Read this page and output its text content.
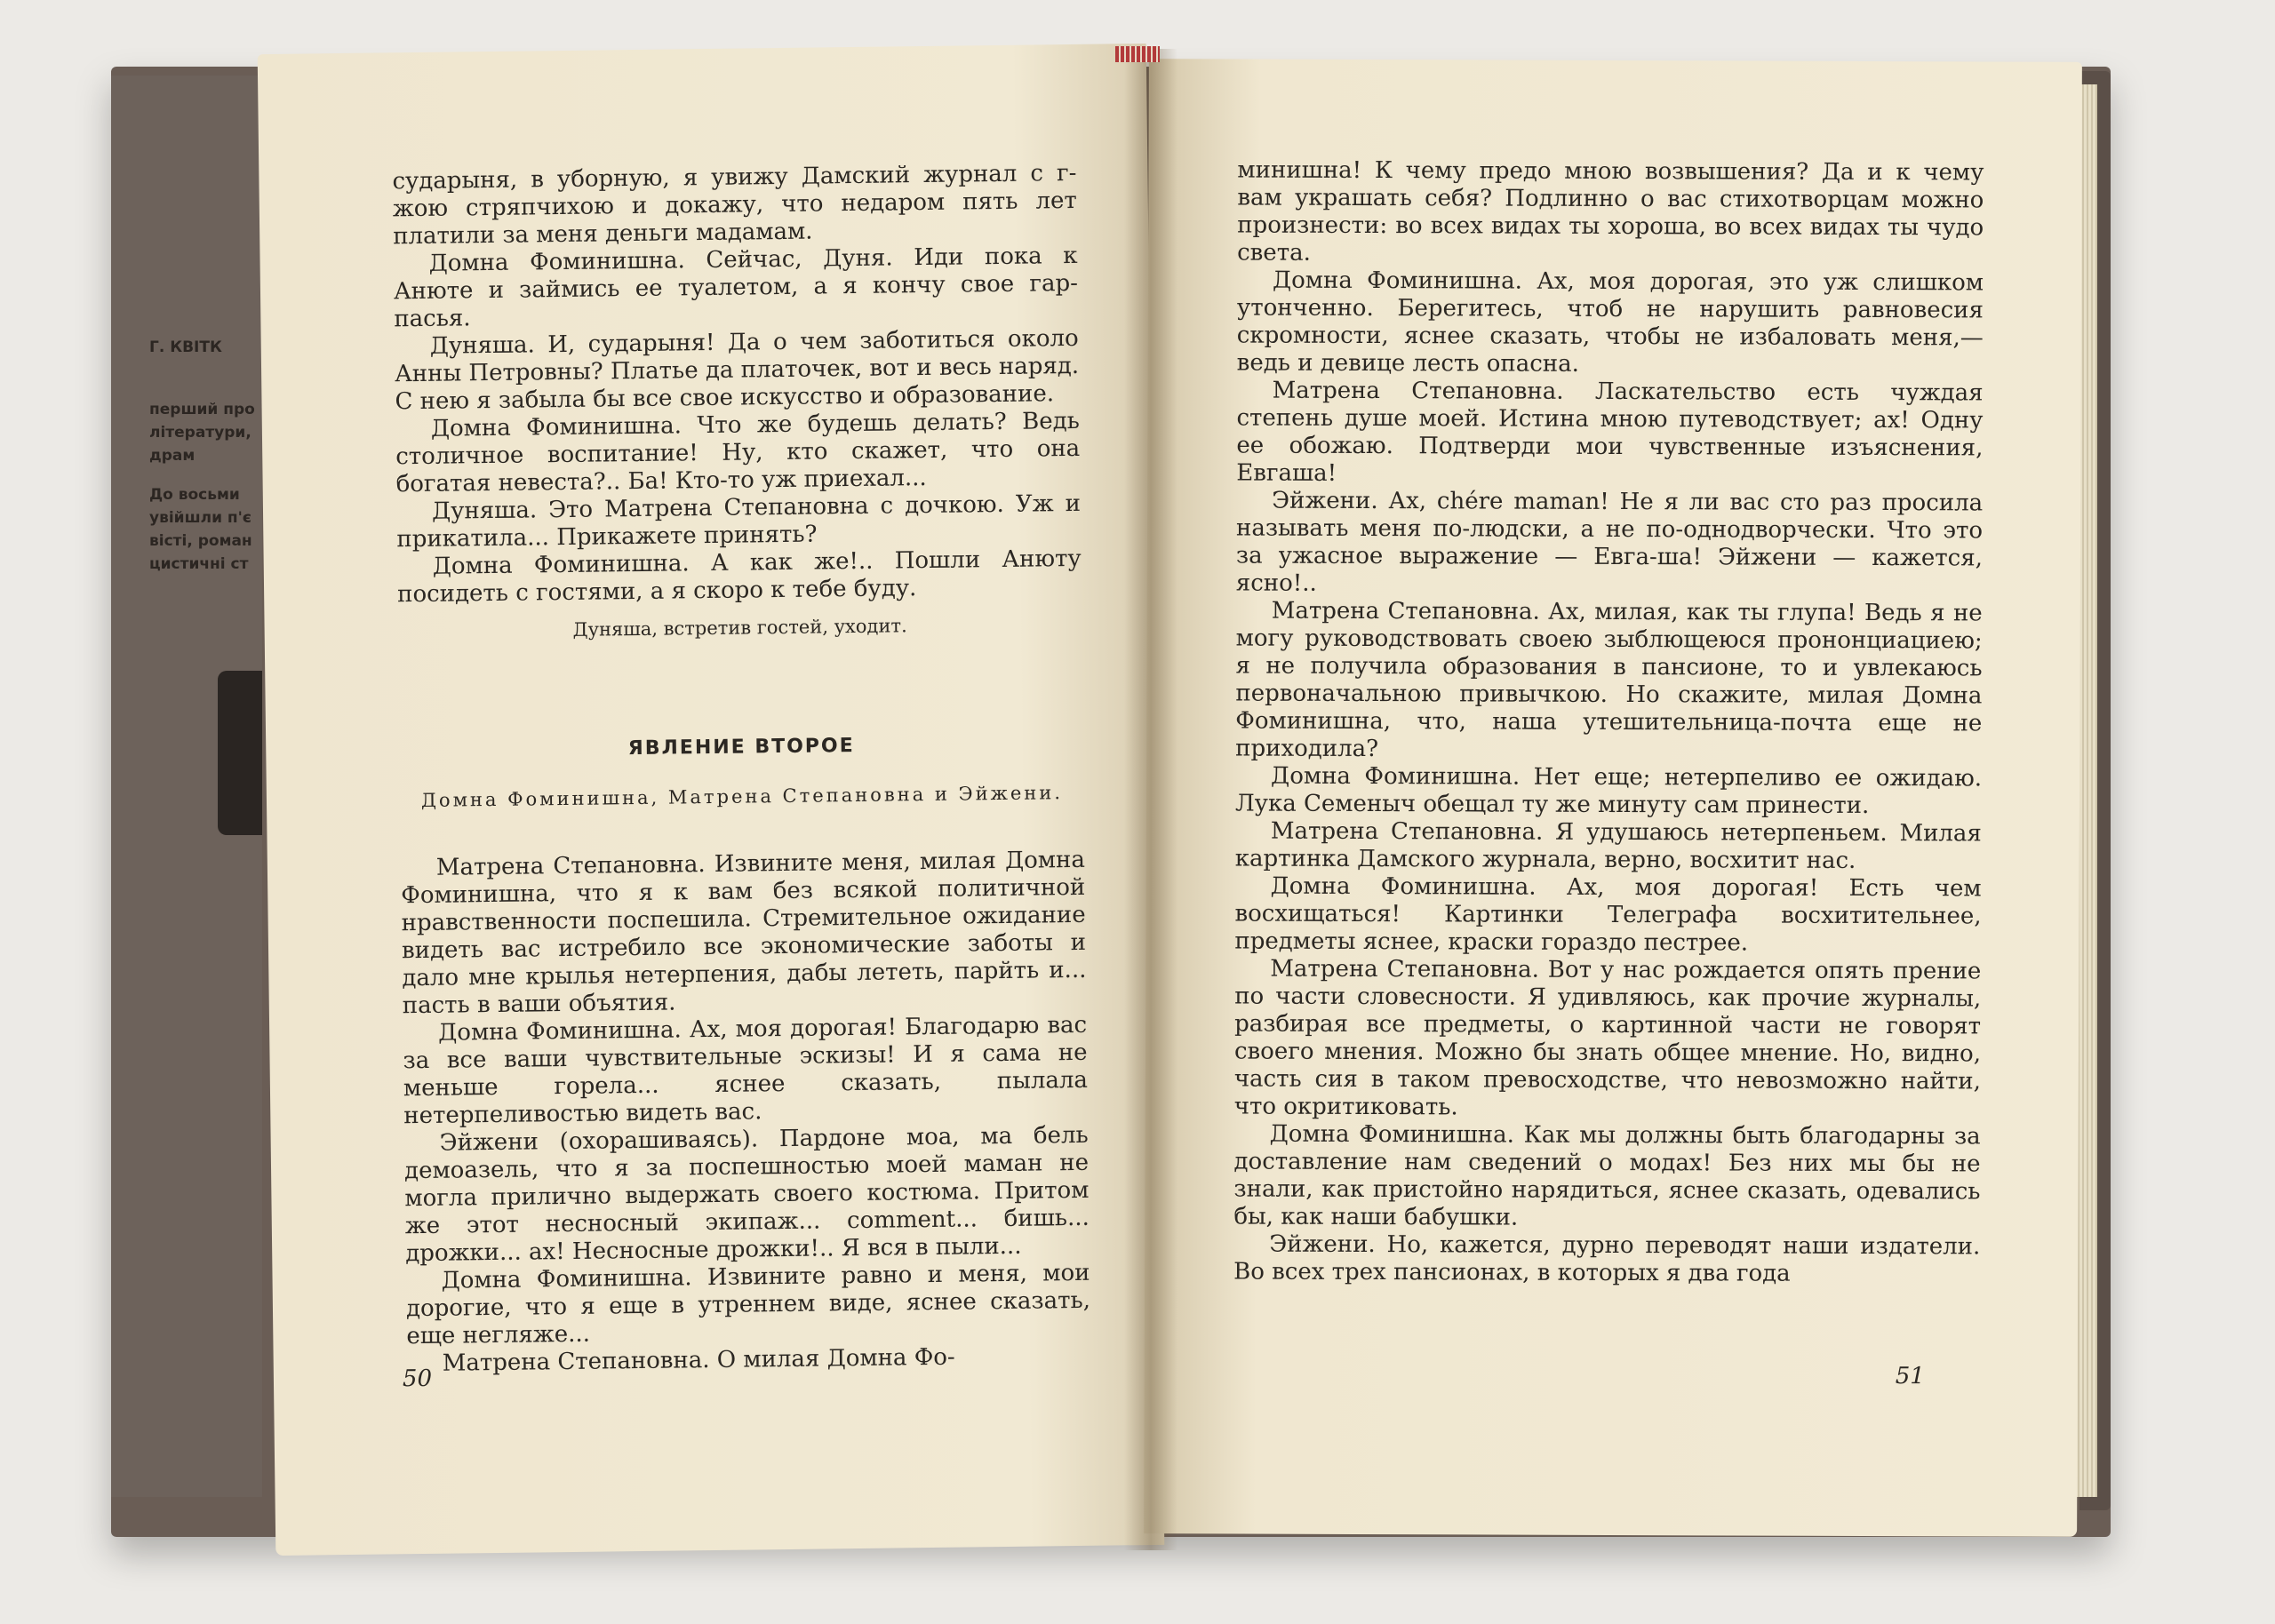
Г. КВІТК
перший про
літератури,
драм
До восьми
увійшли п'є
вісті, роман
цистичні ст

сударыня, в уборную, я увижу Дамский журнал с г-жою стряпчихою и докажу, что недаром пять лет платили за меня деньги мадамам.

Домна Фоминишна. Сейчас, Дуня. Иди пока к Анюте и займись ее туалетом, а я кончу свое гар-пасья.

Дуняша. И, сударыня! Да о чем заботиться около Анны Петровны? Платье да платочек, вот и весь наряд. С нею я забыла бы все свое искусство и образование.

Домна Фоминишна. Что же будешь делать? Ведь столичное воспитание! Ну, кто скажет, что она богатая невеста?.. Ба! Кто-то уж приехал...

Дуняша. Это Матрена Степановна с дочкою. Уж и прикатила... Прикажете принять?

Домна Фоминишна. А как же!.. Пошли Анюту посидеть с гостями, а я скоро к тебе буду.

Дуняша, встретив гостей, уходит.

ЯВЛЕНИЕ ВТОРОЕ
Домна Фоминишна, Матрена Степановна и Эйжени.

Матрена Степановна. Извините меня, милая Домна Фоминишна, что я к вам без всякой политичной нравственности поспешила. Стремительное ожидание видеть вас истребило все экономические заботы и дало мне крылья нетерпения, дабы лететь, парйть и... пасть в ваши объятия.

Домна Фоминишна. Ах, моя дорогая! Благодарю вас за все ваши чувствительные эскизы! И я сама не меньше горела... яснее сказать, пылала нетерпеливостью видеть вас.

Эйжени (охорашиваясь). Пардоне моа, ма бель демоазель, что я за поспешностью моей маман не могла прилично выдержать своего костюма. Притом же этот несносный экипаж... comment... бишь... дрожки... ах! Несносные дрожки!.. Я вся в пыли...

Домна Фоминишна. Извините равно и меня, мои дорогие, что я еще в утреннем виде, яснее сказать, еще негляже...

Матрена Степановна. О милая Домна Фо-

50

минишна! К чему предо мною возвышения? Да и к чему вам украшать себя? Подлинно о вас стихотворцам можно произнести: во всех видах ты хороша, во всех видах ты чудо света.

Домна Фоминишна. Ах, моя дорогая, это уж слишком утонченно. Берегитесь, чтоб не нарушить равновесия скромности, яснее сказать, чтобы не избаловать меня,— ведь и девице лесть опасна.

Матрена Степановна. Ласкательство есть чуждая степень душе моей. Истина мною путеводствует; ах! Одну ее обожаю. Подтверди мои чувственные изъяснения, Евгаша!

Эйжени. Ах, chére maman! Не я ли вас сто раз просила называть меня по-людски, а не по-однодворчески. Что это за ужасное выражение — Евга-ша! Эйжени — кажется, ясно!..

Матрена Степановна. Ах, милая, как ты глупа! Ведь я не могу руководствовать своею зыблющеюся прононциациею; я не получила образования в пансионе, то и увлекаюсь первоначальною привычкою. Но скажите, милая Домна Фоминишна, что, наша утешительница-почта еще не приходила?

Домна Фоминишна. Нет еще; нетерпеливо ее ожидаю. Лука Семеныч обещал ту же минуту сам принести.

Матрена Степановна. Я удушаюсь нетерпеньем. Милая картинка Дамского журнала, верно, восхитит нас.

Домна Фоминишна. Ах, моя дорогая! Есть чем восхищаться! Картинки Телеграфа восхитительнее, предметы яснее, краски гораздо пестрее.

Матрена Степановна. Вот у нас рождается опять прение по части словесности. Я удивляюсь, как прочие журналы, разбирая все предметы, о картинной части не говорят своего мнения. Можно бы знать общее мнение. Но, видно, часть сия в таком превосходстве, что невозможно найти, что окритиковать.

Домна Фоминишна. Как мы должны быть благодарны за доставление нам сведений о модах! Без них мы бы не знали, как пристойно нарядиться, яснее сказать, одевались бы, как наши бабушки.

Эйжени. Но, кажется, дурно переводят наши издатели. Во всех трех пансионах, в которых я два года

51
